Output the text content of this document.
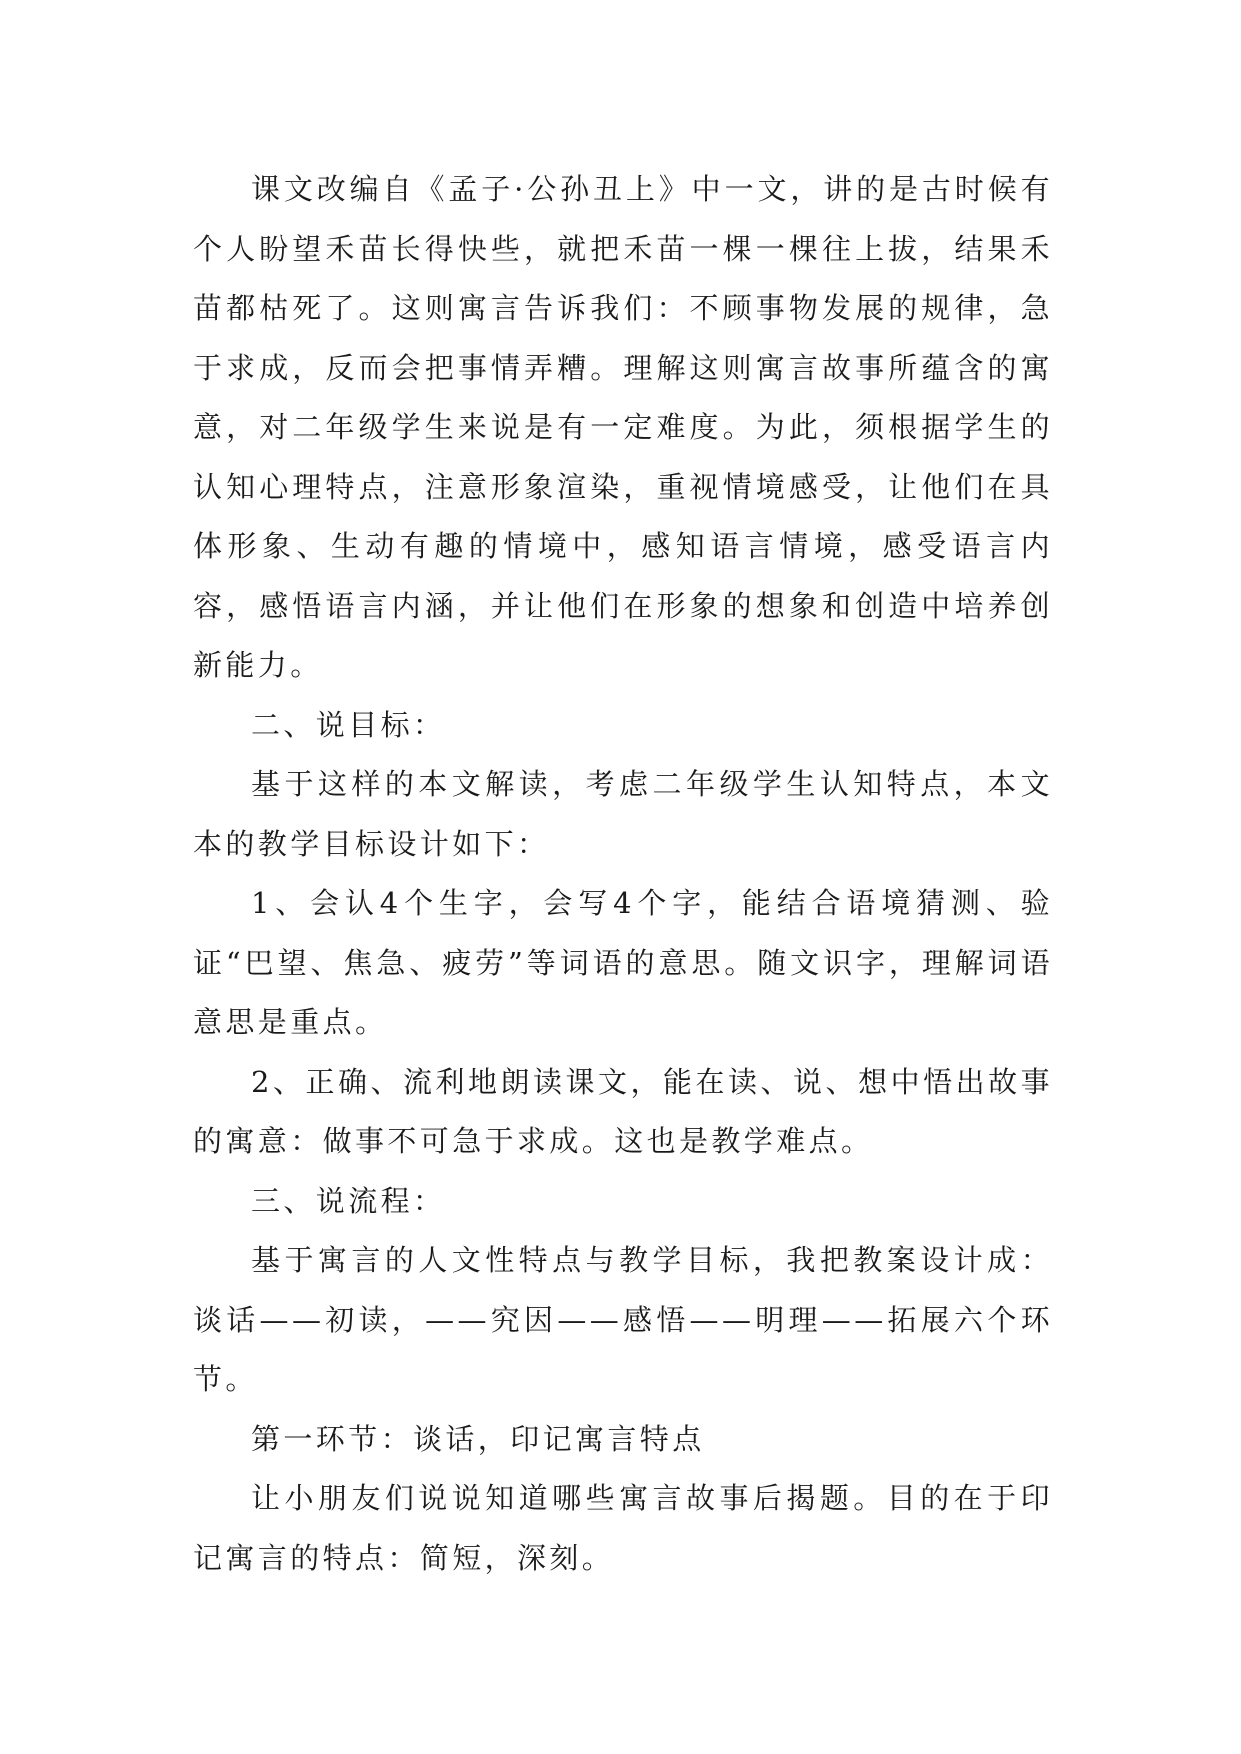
课文改编自《孟子·公孙丑上》中一文，讲的是古时候有个人盼望禾苗长得快些，就把禾苗一棵一棵往上拔，结果禾苗都枯死了。这则寓言告诉我们：不顾事物发展的规律，急于求成，反而会把事情弄糟。理解这则寓言故事所蕴含的寓意，对二年级学生来说是有一定难度。为此，须根据学生的认知心理特点，注意形象渲染，重视情境感受，让他们在具体形象、生动有趣的情境中，感知语言情境，感受语言内容，感悟语言内涵，并让他们在形象的想象和创造中培养创新能力。

二、说目标：

基于这样的本文解读，考虑二年级学生认知特点，本文本的教学目标设计如下：

1、会认4个生字，会写4个字，能结合语境猜测、验证“巴望、焦急、疲劳”等词语的意思。随文识字，理解词语意思是重点。

2、正确、流利地朗读课文，能在读、说、想中悟出故事的寓意：做事不可急于求成。这也是教学难点。

三、说流程：

基于寓言的人文性特点与教学目标，我把教案设计成：谈话——初读，——究因——感悟——明理——拓展六个环节。

第一环节：谈话，印记寓言特点

让小朋友们说说知道哪些寓言故事后揭题。目的在于印记寓言的特点：简短，深刻。
